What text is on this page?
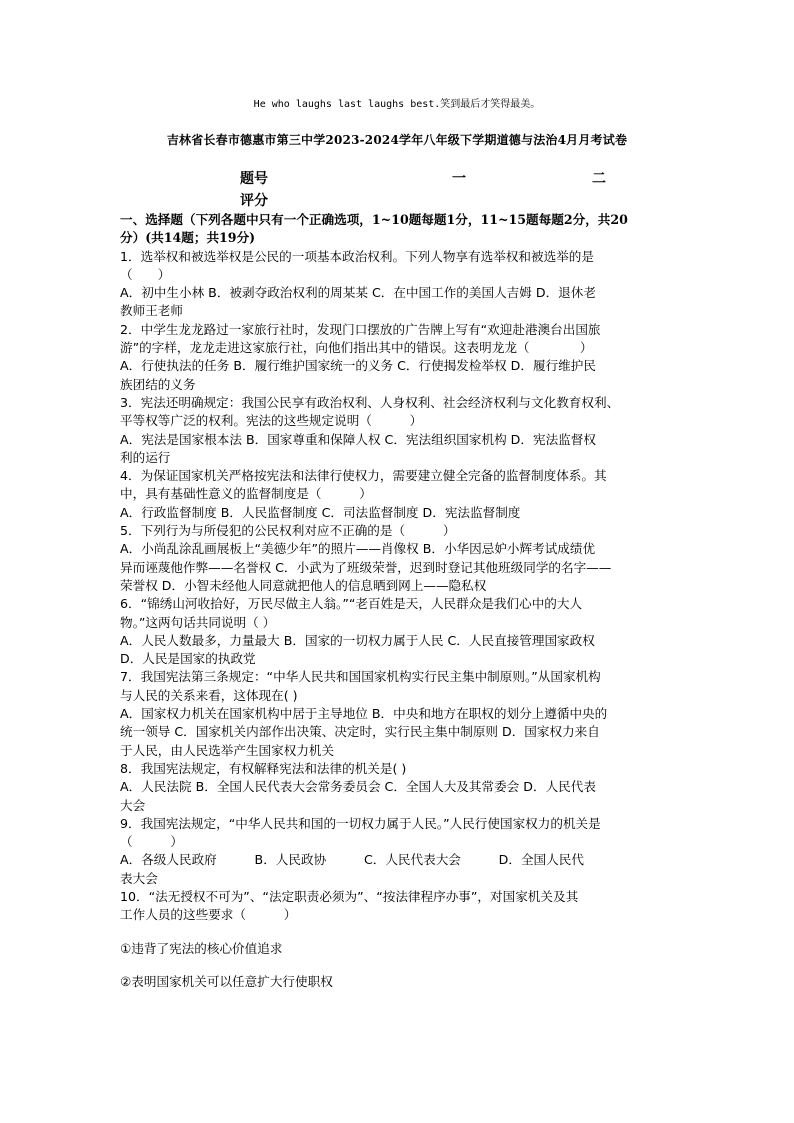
He who laughs last laughs best.笑到最后才笑得最美。
吉林省长春市德惠市第三中学2023-2024学年八年级下学期道德与法治4月月考试卷
题号	一	二
评分

一、选择题（下列各题中只有一个正确选项，1~10题每题1分，11~15题每题2分，共20

分）(共14题；共19分)

1．选举权和被选举权是公民的一项基本政治权利。下列人物享有选举权和被选举的是

（　　）

A．初中生小林 B．被剥夺政治权利的周某某 C．在中国工作的美国人吉姆 D．退休老

教师王老师

2．中学生龙龙路过一家旅行社时，发现门口摆放的广告牌上写有“欢迎赴港澳台出国旅

游”的字样，龙龙走进这家旅行社，向他们指出其中的错误。这表明龙龙（　　　　）

A．行使执法的任务 B．履行维护国家统一的义务 C．行使揭发检举权 D．履行维护民

族团结的义务

3．宪法还明确规定：我国公民享有政治权利、人身权利、社会经济权利与文化教育权利、

平等权等广泛的权利。宪法的这些规定说明（　　　）

A．宪法是国家根本法 B．国家尊重和保障人权 C．宪法组织国家机构 D．宪法监督权

利的运行

4．为保证国家机关严格按宪法和法律行使权力，需要建立健全完备的监督制度体系。其

中，具有基础性意义的监督制度是（　　　）

A．行政监督制度 B．人民监督制度 C．司法监督制度 D．宪法监督制度

5．下列行为与所侵犯的公民权利对应不正确的是（　　　）

A．小尚乱涂乱画展板上“美德少年”的照片——肖像权 B．小华因忌妒小辉考试成绩优

异而诬蔑他作弊——名誉权 C．小武为了班级荣誉，迟到时登记其他班级同学的名字——

荣誉权 D．小智未经他人同意就把他人的信息晒到网上——隐私权

6．“锦绣山河收拾好，万民尽做主人翁。”“老百姓是天，人民群众是我们心中的大人

物。”这两句话共同说明（ ）

A．人民人数最多，力量最大 B．国家的一切权力属于人民 C．人民直接管理国家政权

D．人民是国家的执政党

7．我国宪法第三条规定：“中华人民共和国国家机构实行民主集中制原则。”从国家机构

与人民的关系来看，这体现在( )

A．国家权力机关在国家机构中居于主导地位 B．中央和地方在职权的划分上遵循中央的

统一领导 C．国家机关内部作出决策、决定时，实行民主集中制原则 D．国家权力来自

于人民，由人民选举产生国家权力机关

8．我国宪法规定，有权解释宪法和法律的机关是( )

A．人民法院 B．全国人民代表大会常务委员会 C．全国人大及其常委会 D．人民代表

大会

9．我国宪法规定，“中华人民共和国的一切权力属于人民。”人民行使国家权力的机关是

（　　　）

A．各级人民政府　　　B．人民政协　　　C．人民代表大会　　　D．全国人民代

表大会

10．“法无授权不可为”、“法定职责必须为”、“按法律程序办事”，对国家机关及其

工作人员的这些要求（　　　）

①违背了宪法的核心价值追求

②表明国家机关可以任意扩大行使职权
